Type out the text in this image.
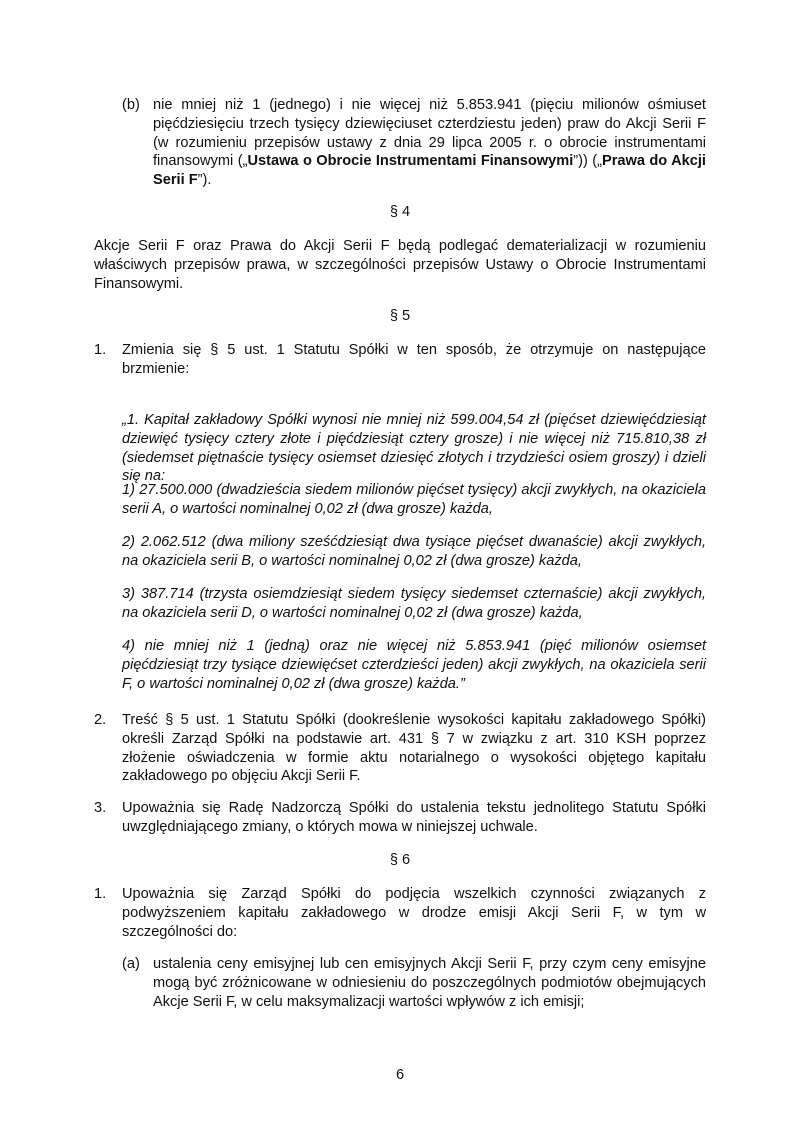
(b) nie mniej niż 1 (jednego) i nie więcej niż 5.853.941 (pięciu milionów ośmiuset pięćdziesięciu trzech tysięcy dziewięciuset czterdziestu jeden) praw do Akcji Serii F (w rozumieniu przepisów ustawy z dnia 29 lipca 2005 r. o obrocie instrumentami finansowymi („Ustawa o Obrocie Instrumentami Finansowymi”)) („Prawa do Akcji Serii F”).

§ 4

Akcje Serii F oraz Prawa do Akcji Serii F będą podlegać dematerializacji w rozumieniu właściwych przepisów prawa, w szczególności przepisów Ustawy o Obrocie Instrumentami Finansowymi.

§ 5
1. Zmienia się § 5 ust. 1 Statutu Spółki w ten sposób, że otrzymuje on następujące brzmienie:

„1. Kapitał zakładowy Spółki wynosi nie mniej niż 599.004,54 zł (pięćset dziewięćdziesiąt dziewięć tysięcy cztery złote i pięćdziesiąt cztery grosze) i nie więcej niż 715.810,38 zł (siedemset piętnaście tysięcy osiemset dziesięć złotych i trzydzieści osiem groszy) i dzieli się na:

1) 27.500.000 (dwadzieścia siedem milionów pięćset tysięcy) akcji zwykłych, na okaziciela serii A, o wartości nominalnej 0,02 zł (dwa grosze) każda,

2) 2.062.512 (dwa miliony sześćdziesiąt dwa tysiące pięćset dwanaście) akcji zwykłych, na okaziciela serii B, o wartości nominalnej 0,02 zł (dwa grosze) każda,

3) 387.714 (trzysta osiemdziesiąt siedem tysięcy siedemset czternaście) akcji zwykłych, na okaziciela serii D, o wartości nominalnej 0,02 zł (dwa grosze) każda,

4) nie mniej niż 1 (jedną) oraz nie więcej niż 5.853.941 (pięć milionów osiemset pięćdziesiąt trzy tysiące dziewięćset czterdzieści jeden) akcji zwykłych, na okaziciela serii F, o wartości nominalnej 0,02 zł (dwa grosze) każda.”

2. Treść § 5 ust. 1 Statutu Spółki (dookreślenie wysokości kapitału zakładowego Spółki) określi Zarząd Spółki na podstawie art. 431 § 7 w związku z art. 310 KSH poprzez złożenie oświadczenia w formie aktu notarialnego o wysokości objętego kapitału zakładowego po objęciu Akcji Serii F.

3. Upoważnia się Radę Nadzorczą Spółki do ustalenia tekstu jednolitego Statutu Spółki uwzględniającego zmiany, o których mowa w niniejszej uchwale.

§ 6
1. Upoważnia się Zarząd Spółki do podjęcia wszelkich czynności związanych z podwyższeniem kapitału zakładowego w drodze emisji Akcji Serii F, w tym w szczególności do:

(a) ustalenia ceny emisyjnej lub cen emisyjnych Akcji Serii F, przy czym ceny emisyjne mogą być zróżnicowane w odniesieniu do poszczególnych podmiotów obejmujących Akcje Serii F, w celu maksymalizacji wartości wpływów z ich emisji;

6
